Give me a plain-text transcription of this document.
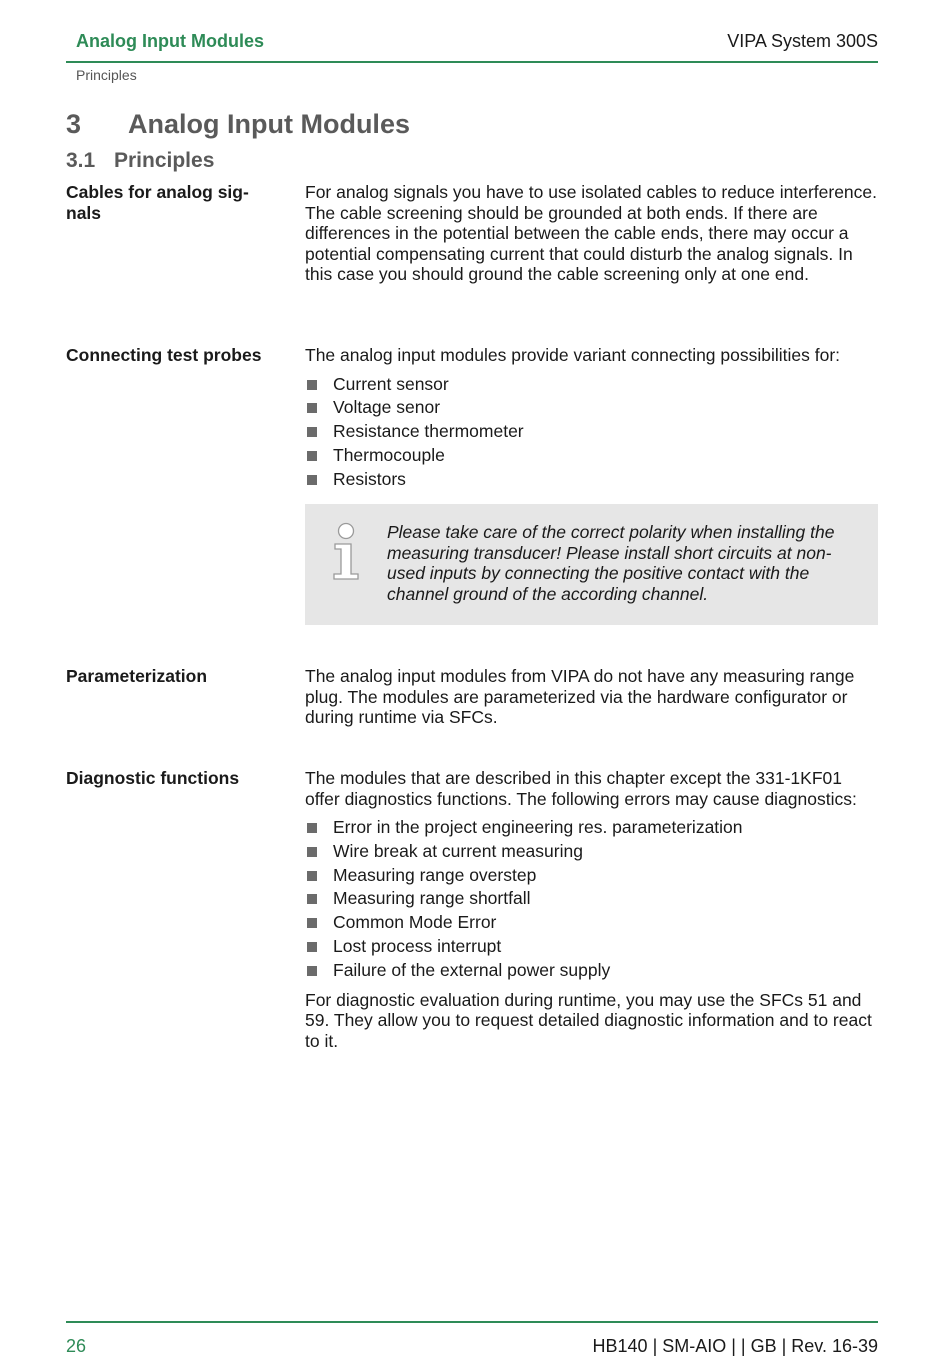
Analog Input Modules	VIPA System 300S
Principles
3 Analog Input Modules
3.1 Principles
Cables for analog sig-
nals

For analog signals you have to use isolated cables to reduce interference. The cable screening should be grounded at both ends. If there are differences in the potential between the cable ends, there may occur a potential compensating current that could disturb the analog signals. In this case you should ground the cable screening only at one end.

Connecting test probes	The analog input modules provide variant connecting possibilities for:

Current sensor
Voltage senor
Resistance thermometer
Thermocouple
Resistors
Please take care of the correct polarity when installing the measuring transducer! Please install short circuits at non-used inputs by connecting the positive contact with the channel ground of the according channel.
Parameterization	The analog input modules from VIPA do not have any measuring range plug. The modules are parameterized via the hardware configurator or during runtime via SFCs.

Diagnostic functions	The modules that are described in this chapter except the 331-1KF01 offer diagnostics functions. The following errors may cause diagnostics:

Error in the project engineering res. parameterization
Wire break at current measuring
Measuring range overstep
Measuring range shortfall
Common Mode Error
Lost process interrupt
Failure of the external power supply

For diagnostic evaluation during runtime, you may use the SFCs 51 and 59. They allow you to request detailed diagnostic information and to react to it.

26	HB140 | SM-AIO | | GB | Rev. 16-39
